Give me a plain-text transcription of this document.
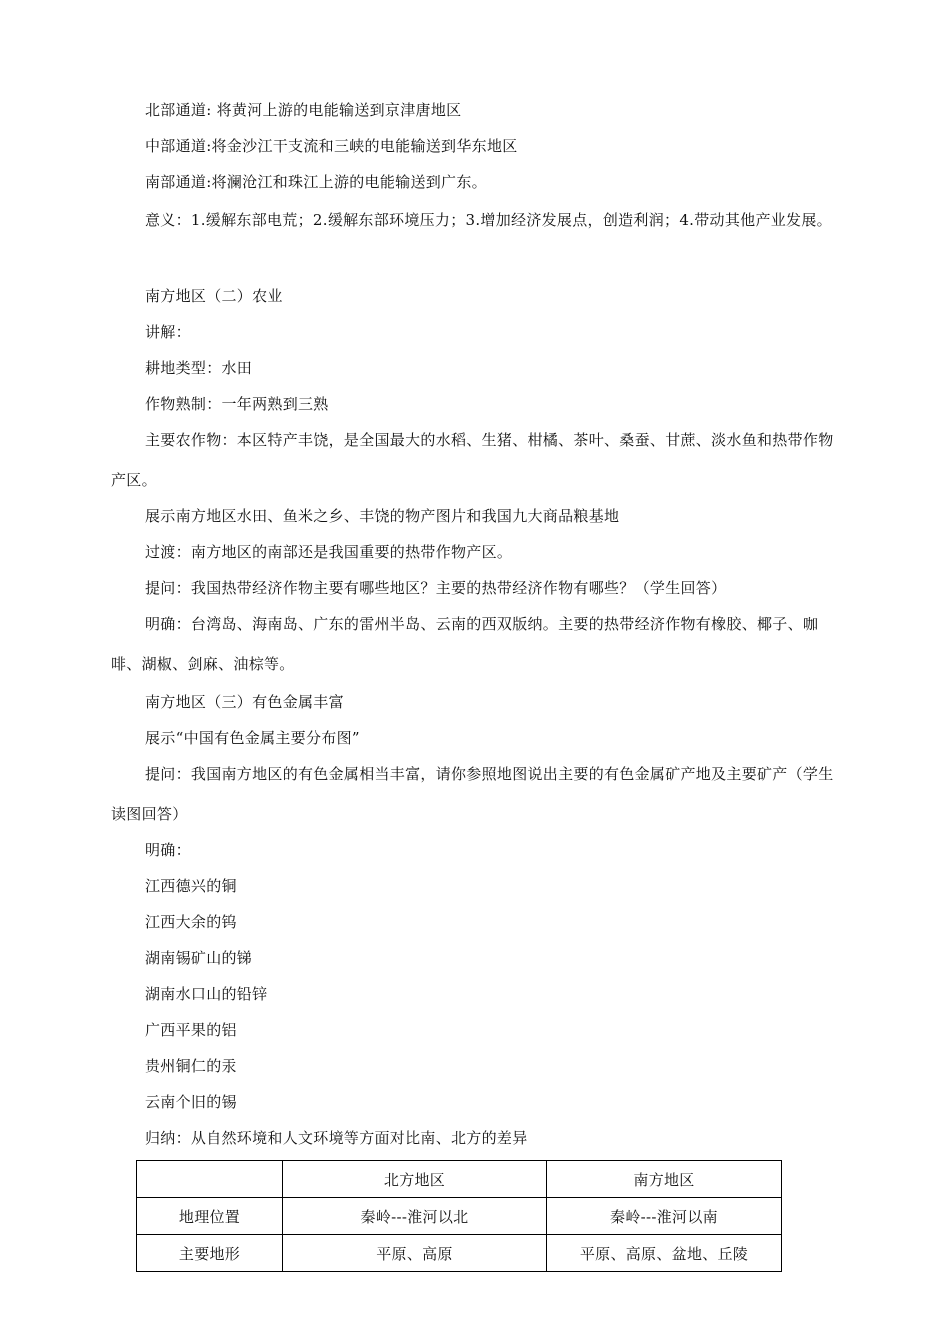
北部通道: 将黄河上游的电能输送到京津唐地区

中部通道:将金沙江干支流和三峡的电能输送到华东地区

南部通道:将澜沧江和珠江上游的电能输送到广东。

意义：1.缓解东部电荒；2.缓解东部环境压力；3.增加经济发展点，创造利润；4.带动其他产业发展。

南方地区（二）农业

讲解：

耕地类型：水田

作物熟制：一年两熟到三熟

主要农作物：本区特产丰饶，是全国最大的水稻、生猪、柑橘、茶叶、桑蚕、甘蔗、淡水鱼和热带作物产区。

展示南方地区水田、鱼米之乡、丰饶的物产图片和我国九大商品粮基地

过渡：南方地区的南部还是我国重要的热带作物产区。

提问：我国热带经济作物主要有哪些地区？主要的热带经济作物有哪些？（学生回答）

明确：台湾岛、海南岛、广东的雷州半岛、云南的西双版纳。主要的热带经济作物有橡胶、椰子、咖啡、湖椒、剑麻、油棕等。

南方地区（三）有色金属丰富

展示“中国有色金属主要分布图”

提问：我国南方地区的有色金属相当丰富，请你参照地图说出主要的有色金属矿产地及主要矿产（学生读图回答）

明确：

江西德兴的铜

江西大余的钨

湖南锡矿山的锑

湖南水口山的铅锌

广西平果的铝

贵州铜仁的汞

云南个旧的锡

归纳：从自然环境和人文环境等方面对比南、北方的差异

	北方地区	南方地区
地理位置	秦岭---淮河以北	秦岭---淮河以南
主要地形	平原、高原	平原、高原、盆地、丘陵
